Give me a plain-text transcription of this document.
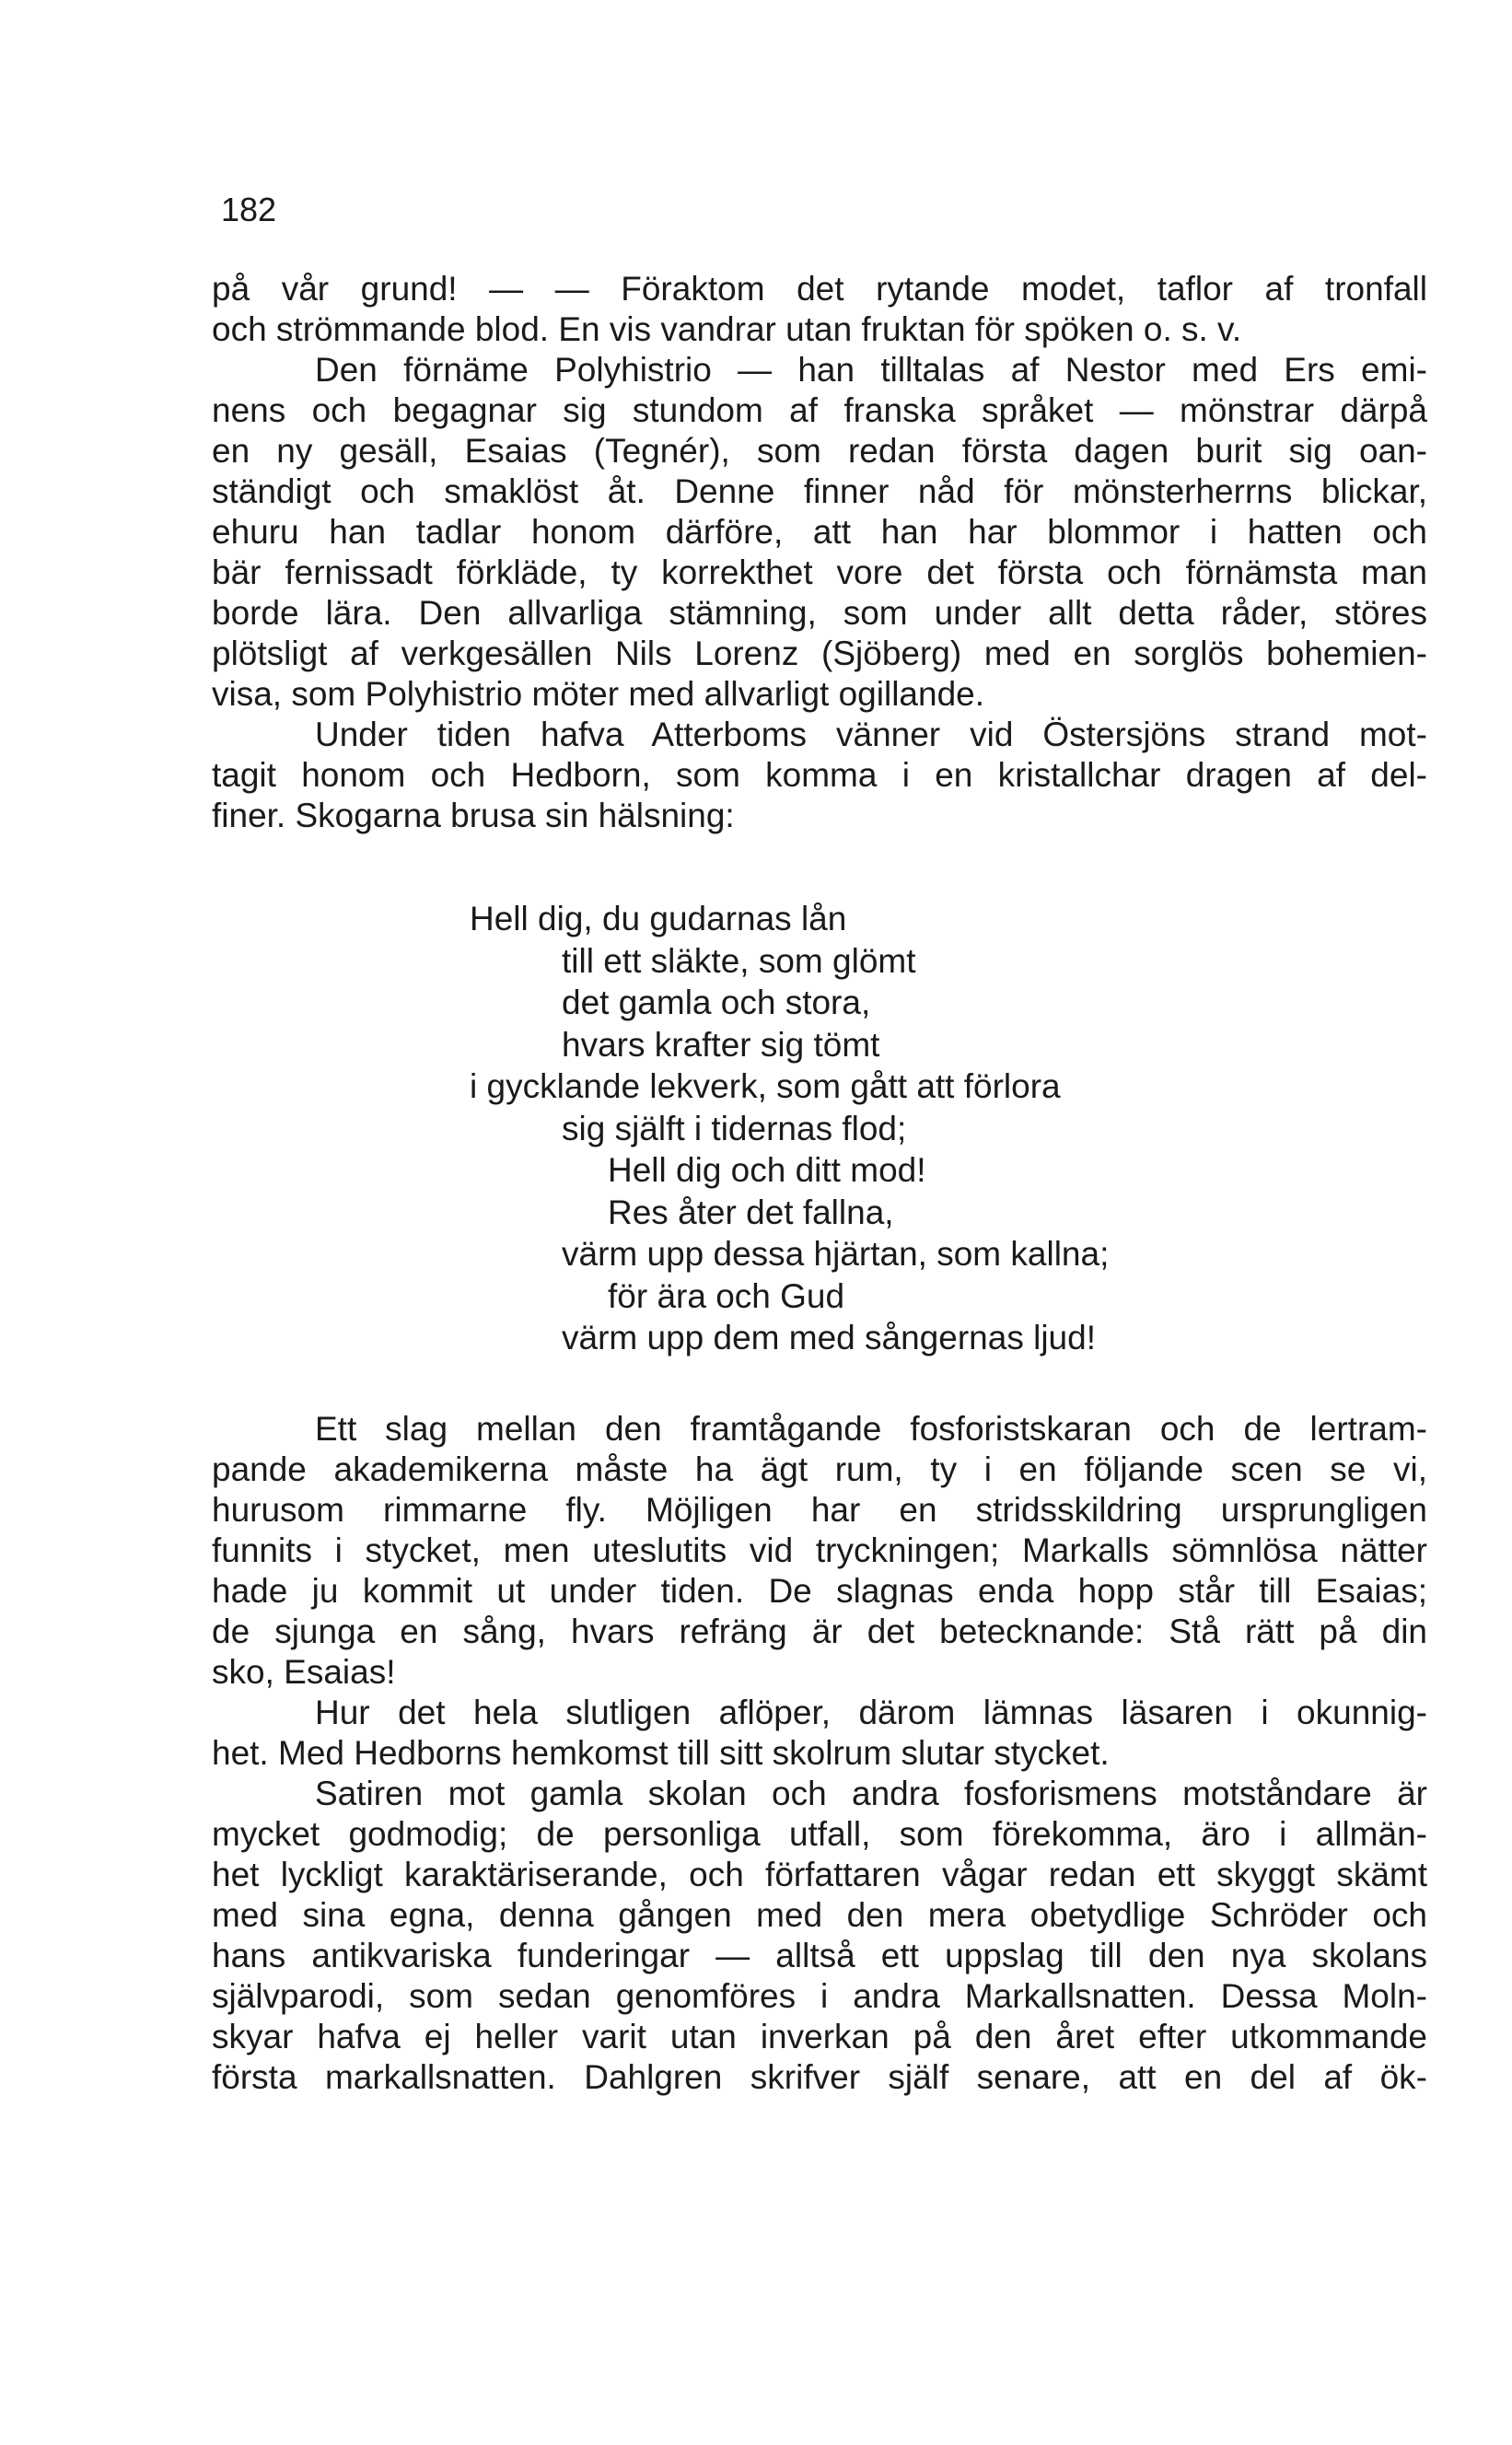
182
på vår grund! — — Föraktom det rytande modet, taflor af tronfall
och strömmande blod. En vis vandrar utan fruktan för spöken o. s. v.
Den förnäme Polyhistrio — han tilltalas af Nestor med Ers emi-
nens och begagnar sig stundom af franska språket — mönstrar därpå
en ny gesäll, Esaias (Tegnér), som redan första dagen burit sig oan-
ständigt och smaklöst åt. Denne finner nåd för mönsterherrns blickar,
ehuru han tadlar honom därföre, att han har blommor i hatten och
bär fernissadt förkläde, ty korrekthet vore det första och förnämsta man
borde lära. Den allvarliga stämning, som under allt detta råder, störes
plötsligt af verkgesällen Nils Lorenz (Sjöberg) med en sorglös bohemien-
visa, som Polyhistrio möter med allvarligt ogillande.
Under tiden hafva Atterboms vänner vid Östersjöns strand mot-
tagit honom och Hedborn, som komma i en kristallchar dragen af del-
finer. Skogarna brusa sin hälsning:
Hell dig, du gudarnas lån
till ett släkte, som glömt
det gamla och stora,
hvars krafter sig tömt
i gycklande lekverk, som gått att förlora
sig själft i tidernas flod;
Hell dig och ditt mod!
Res åter det fallna,
värm upp dessa hjärtan, som kallna;
för ära och Gud
värm upp dem med sångernas ljud!
Ett slag mellan den framtågande fosforistskaran och de lertram-
pande akademikerna måste ha ägt rum, ty i en följande scen se vi,
hurusom rimmarne fly. Möjligen har en stridsskildring ursprungligen
funnits i stycket, men uteslutits vid tryckningen; Markalls sömnlösa nätter
hade ju kommit ut under tiden. De slagnas enda hopp står till Esaias;
de sjunga en sång, hvars refräng är det betecknande: Stå rätt på din
sko, Esaias!
Hur det hela slutligen aflöper, därom lämnas läsaren i okunnig-
het. Med Hedborns hemkomst till sitt skolrum slutar stycket.
Satiren mot gamla skolan och andra fosforismens motståndare är
mycket godmodig; de personliga utfall, som förekomma, äro i allmän-
het lyckligt karaktäriserande, och författaren vågar redan ett skyggt skämt
med sina egna, denna gången med den mera obetydlige Schröder och
hans antikvariska funderingar — alltså ett uppslag till den nya skolans
självparodi, som sedan genomföres i andra Markallsnatten. Dessa Moln-
skyar hafva ej heller varit utan inverkan på den året efter utkommande
första markallsnatten. Dahlgren skrifver själf senare, att en del af ök-
